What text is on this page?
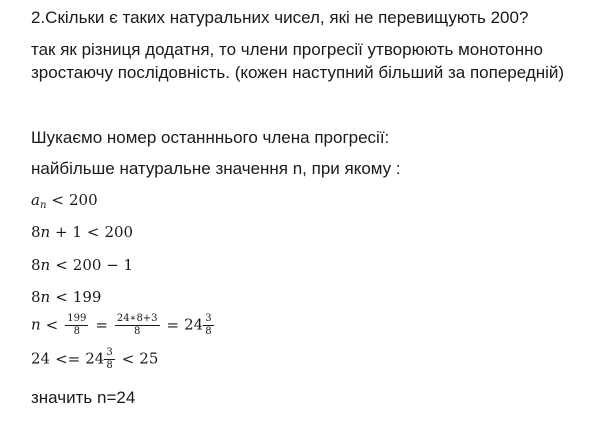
2.Скільки є таких натуральних чисел, які не перевищують 200?
так як різниця додатня, то члени прогресії утворюють монотонно
зростаючу послідовність. (кожен наступний більший за попередній)
Шукаємо номер останннього члена прогресії:
найбільше натуральне значення n, при якому :
$a_n < 200$
8n + 1 < 200
8n < 200 − 1
8n < 199
$n < \frac{199}{8} = \frac{24∗8+3}{8} = 24 \frac{3}{8}$
$24 <= 24 \frac{3}{8} < 25$
значить n=24
